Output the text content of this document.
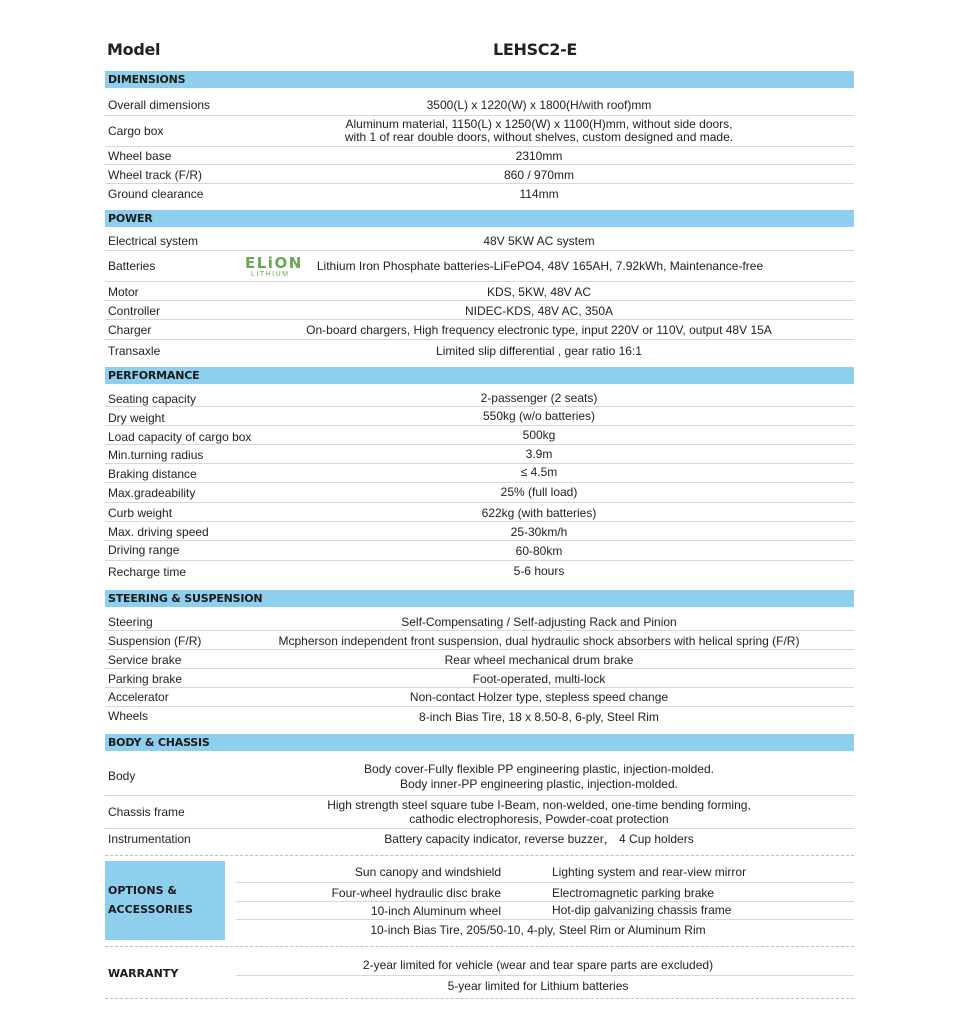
Model	LEHSC2-E
DIMENSIONS
Overall dimensions	3500(L) x 1220(W) x 1800(H/with roof)mm
Cargo box	Aluminum material, 1150(L) x 1250(W) x 1100(H)mm, without side doors,
with 1 of rear double doors, without shelves, custom designed and made.
Wheel base	2310mm
Wheel track (F/R)	860 / 970mm
Ground clearance	114mm
POWER
Electrical system	48V 5KW AC system
Batteries	ELiON
LITHIUM
Lithium Iron Phosphate batteries-LiFePO4, 48V 165AH, 7.92kWh, Maintenance-free
Motor	KDS, 5KW, 48V AC
Controller	NIDEC-KDS, 48V AC, 350A
Charger	On-board chargers, High frequency electronic type, input 220V or 110V, output 48V 15A
Transaxle	Limited slip differential , gear ratio 16:1
PERFORMANCE
Seating capacity	2-passenger (2 seats)
Dry weight	550kg (w/o batteries)
Load capacity of cargo box	500kg
Min.turning radius	3.9m
Braking distance	≤ 4.5m
Max.gradeability	25% (full load)
Curb weight	622kg (with batteries)
Max. driving speed	25-30km/h
Driving range	60-80km
Recharge time	5-6 hours
STEERING & SUSPENSION
Steering	Self-Compensating / Self-adjusting Rack and Pinion
Suspension (F/R)	Mcpherson independent front suspension, dual hydraulic shock absorbers with helical spring (F/R)
Service brake	Rear wheel mechanical drum brake
Parking brake	Foot-operated, multi-lock
Accelerator	Non-contact Holzer type, stepless speed change
Wheels	8-inch Bias Tire, 18 x 8.50-8, 6-ply, Steel Rim
BODY & CHASSIS
Body	Body cover-Fully flexible PP engineering plastic, injection-molded.
Body inner-PP engineering plastic, injection-molded.
Chassis frame	High strength steel square tube I-Beam, non-welded, one-time bending forming,
cathodic electrophoresis, Powder-coat protection
Instrumentation	Battery capacity indicator, reverse buzzer， 4 Cup holders
OPTIONS &
ACCESSORIES
Sun canopy and windshield	Lighting system and rear-view mirror
Four-wheel hydraulic disc brake	Electromagnetic parking brake
10-inch Aluminum wheel	Hot-dip galvanizing chassis frame
10-inch Bias Tire, 205/50-10, 4-ply, Steel Rim or Aluminum Rim
WARRANTY
2-year limited for vehicle (wear and tear spare parts are excluded)
5-year limited for Lithium batteries
